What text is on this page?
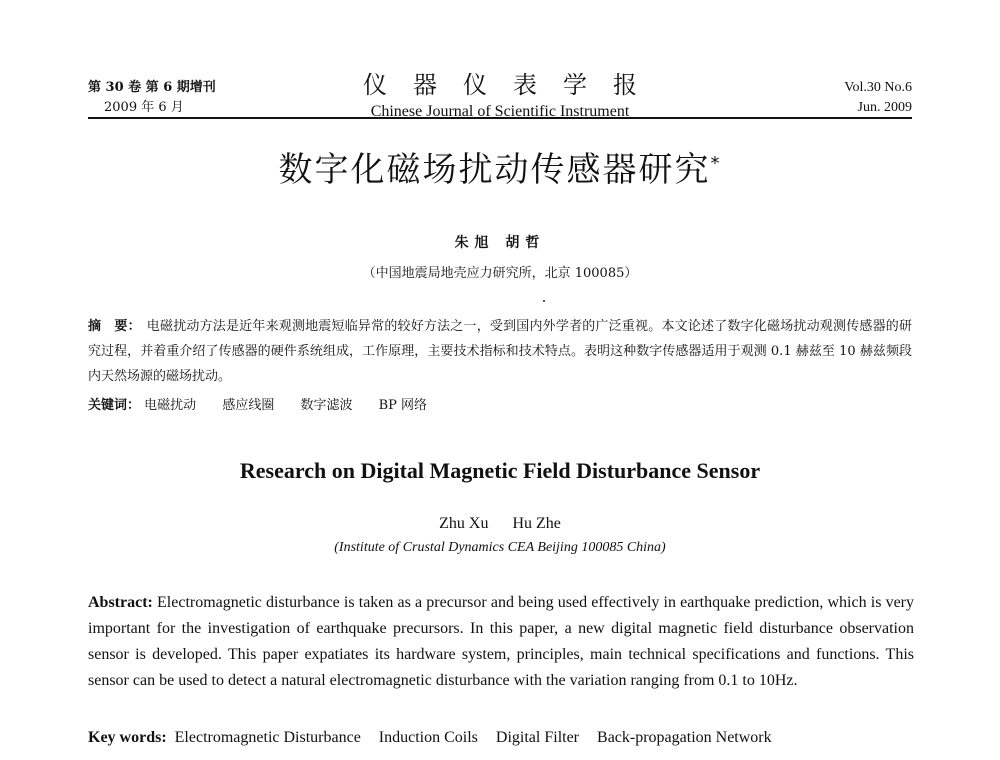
第 30 卷 第 6 期增刊
2009 年 6 月
仪器仪表学报
Chinese Journal of Scientific Instrument
Vol.30 No.6
Jun. 2009
数字化磁场扰动传感器研究*
朱旭 胡哲
（中国地震局地壳应力研究所，北京 100085）
摘　要： 电磁扰动方法是近年来观测地震短临异常的较好方法之一，受到国内外学者的广泛重视。本文论述了数字化磁场扰动观测传感器的研究过程，并着重介绍了传感器的硬件系统组成，工作原理，主要技术指标和技术特点。表明这种数字传感器适用于观测 0.1 赫兹至 10 赫兹频段内天然场源的磁场扰动。
关键词： 电磁扰动 感应线圈 数字滤波 BP 网络
Research on Digital Magnetic Field Disturbance Sensor
Zhu Xu Hu Zhe
(Institute of Crustal Dynamics CEA Beijing 100085 China)
Abstract: Electromagnetic disturbance is taken as a precursor and being used effectively in earthquake prediction, which is very important for the investigation of earthquake precursors. In this paper, a new digital magnetic field disturbance observation sensor is developed. This paper expatiates its hardware system, principles, main technical specifications and functions. This sensor can be used to detect a natural electromagnetic disturbance with the variation ranging from 0.1 to 10Hz.
Key words: Electromagnetic Disturbance Induction Coils Digital Filter Back-propagation Network
